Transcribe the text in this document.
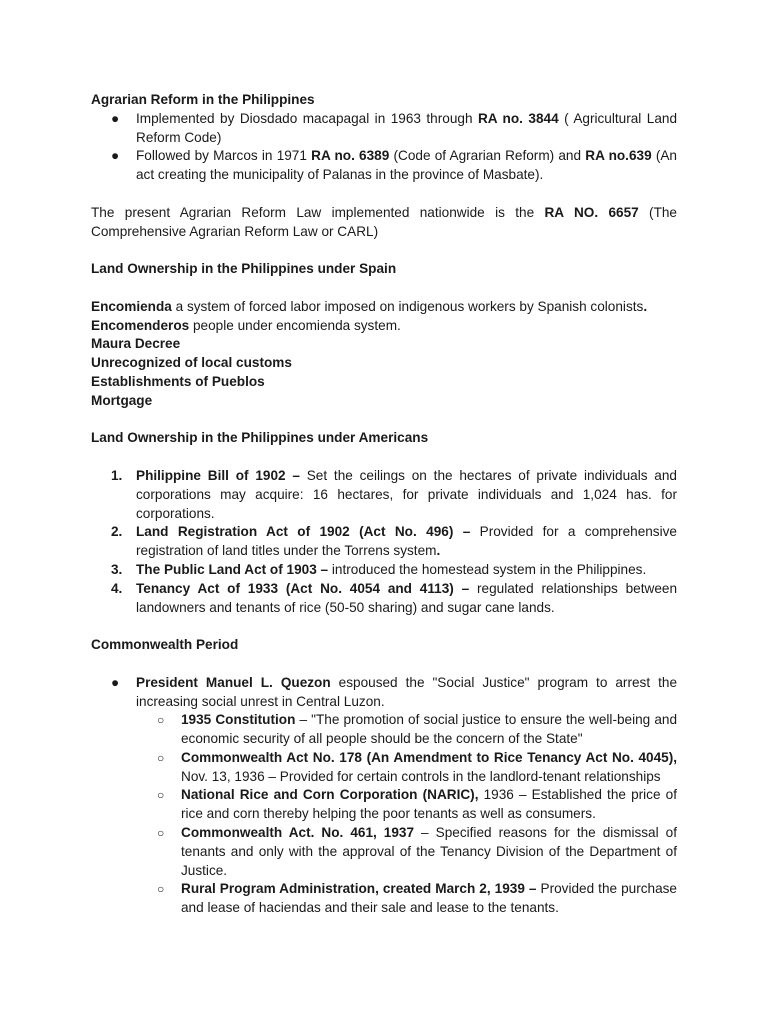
Agrarian Reform in the Philippines

● Implemented by Diosdado macapagal in 1963 through RA no. 3844 ( Agricultural Land Reform Code)
● Followed by Marcos in 1971 RA no. 6389 (Code of Agrarian Reform) and RA no.639 (An act creating the municipality of Palanas in the province of Masbate).

The present Agrarian Reform Law implemented nationwide is the RA NO. 6657 (The Comprehensive Agrarian Reform Law or CARL)

Land Ownership in the Philippines under Spain

Encomienda a system of forced labor imposed on indigenous workers by Spanish colonists.

Encomenderos people under encomienda system.

Maura Decree

Unrecognized of local customs

Establishments of Pueblos

Mortgage

Land Ownership in the Philippines under Americans

1. Philippine Bill of 1902 – Set the ceilings on the hectares of private individuals and corporations may acquire: 16 hectares, for private individuals and 1,024 has. for corporations.
2. Land Registration Act of 1902 (Act No. 496) – Provided for a comprehensive registration of land titles under the Torrens system.
3. The Public Land Act of 1903 – introduced the homestead system in the Philippines.
4. Tenancy Act of 1933 (Act No. 4054 and 4113) – regulated relationships between landowners and tenants of rice (50-50 sharing) and sugar cane lands.

Commonwealth Period

● President Manuel L. Quezon espoused the "Social Justice" program to arrest the increasing social unrest in Central Luzon.
○ 1935 Constitution – "The promotion of social justice to ensure the well-being and economic security of all people should be the concern of the State"
○ Commonwealth Act No. 178 (An Amendment to Rice Tenancy Act No. 4045), Nov. 13, 1936 – Provided for certain controls in the landlord-tenant relationships
○ National Rice and Corn Corporation (NARIC), 1936 – Established the price of rice and corn thereby helping the poor tenants as well as consumers.
○ Commonwealth Act. No. 461, 1937 – Specified reasons for the dismissal of tenants and only with the approval of the Tenancy Division of the Department of Justice.
○ Rural Program Administration, created March 2, 1939 – Provided the purchase and lease of haciendas and their sale and lease to the tenants.
